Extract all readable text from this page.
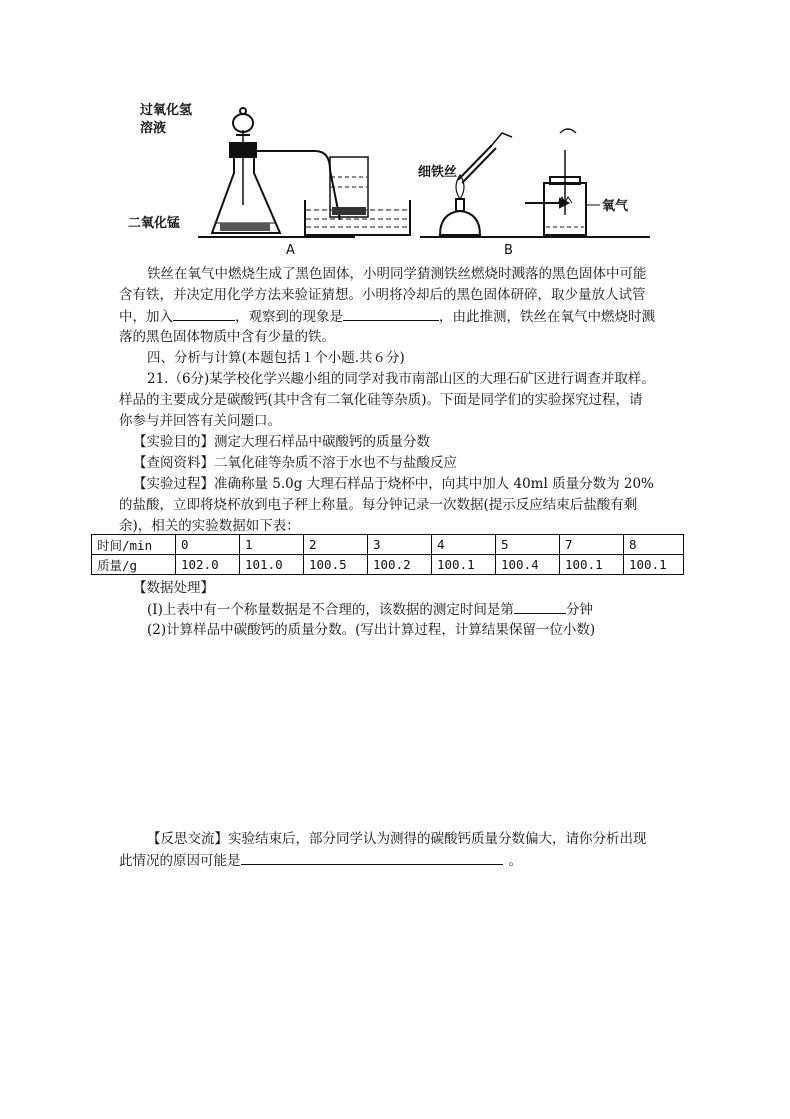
过氧化氢
溶液
二氧化锰
A
细铁丝
氧气
B
铁丝在氧气中燃烧生成了黑色固体，小明同学猜测铁丝燃烧时溅落的黑色固体中可能
含有铁，并决定用化学方法来验证猜想。小明将冷却后的黑色固体研碎，取少量放人试管
中，加入	，观察到的现象是	，由此推测，铁丝在氧气中燃烧时溅
落的黑色固体物质中含有少量的铁。
四、分析与计算(本题包括１个小题.共６分)
21.（6分)某学校化学兴趣小组的同学对我市南部山区的大理石矿区进行调查并取样。
样品的主要成分是碳酸钙(其中含有二氧化硅等杂质)。下面是同学们的实验探究过程，请
你参与并回答有关问题口。
【实验目的】测定大理石样品中碳酸钙的质量分数
【查阅资料】二氧化硅等杂质不溶于水也不与盐酸反应
【实验过程】准确称量 5.0g 大理石样品于烧杯中，向其中加人 40ml 质量分数为 20%
的盐酸，立即将烧杯放到电子秤上称量。每分钟记录一次数据(提示反应结束后盐酸有剩
余)，相关的实验数据如下表：
时间/min	0	1	2	3	4	5	7	8
质量/g	102.0	101.0	100.5	100.2	100.1	100.4	100.1	100.1
【数据处理】
(I)上表中有一个称量数据是不合理的，该数据的测定时间是第	分钟
(2)计算样品中碳酸钙的质量分数。(写出计算过程，计算结果保留一位小数)
【反思交流】实验结束后，部分同学认为测得的碳酸钙质量分数偏大，请你分析出现
此情况的原因可能是	。
